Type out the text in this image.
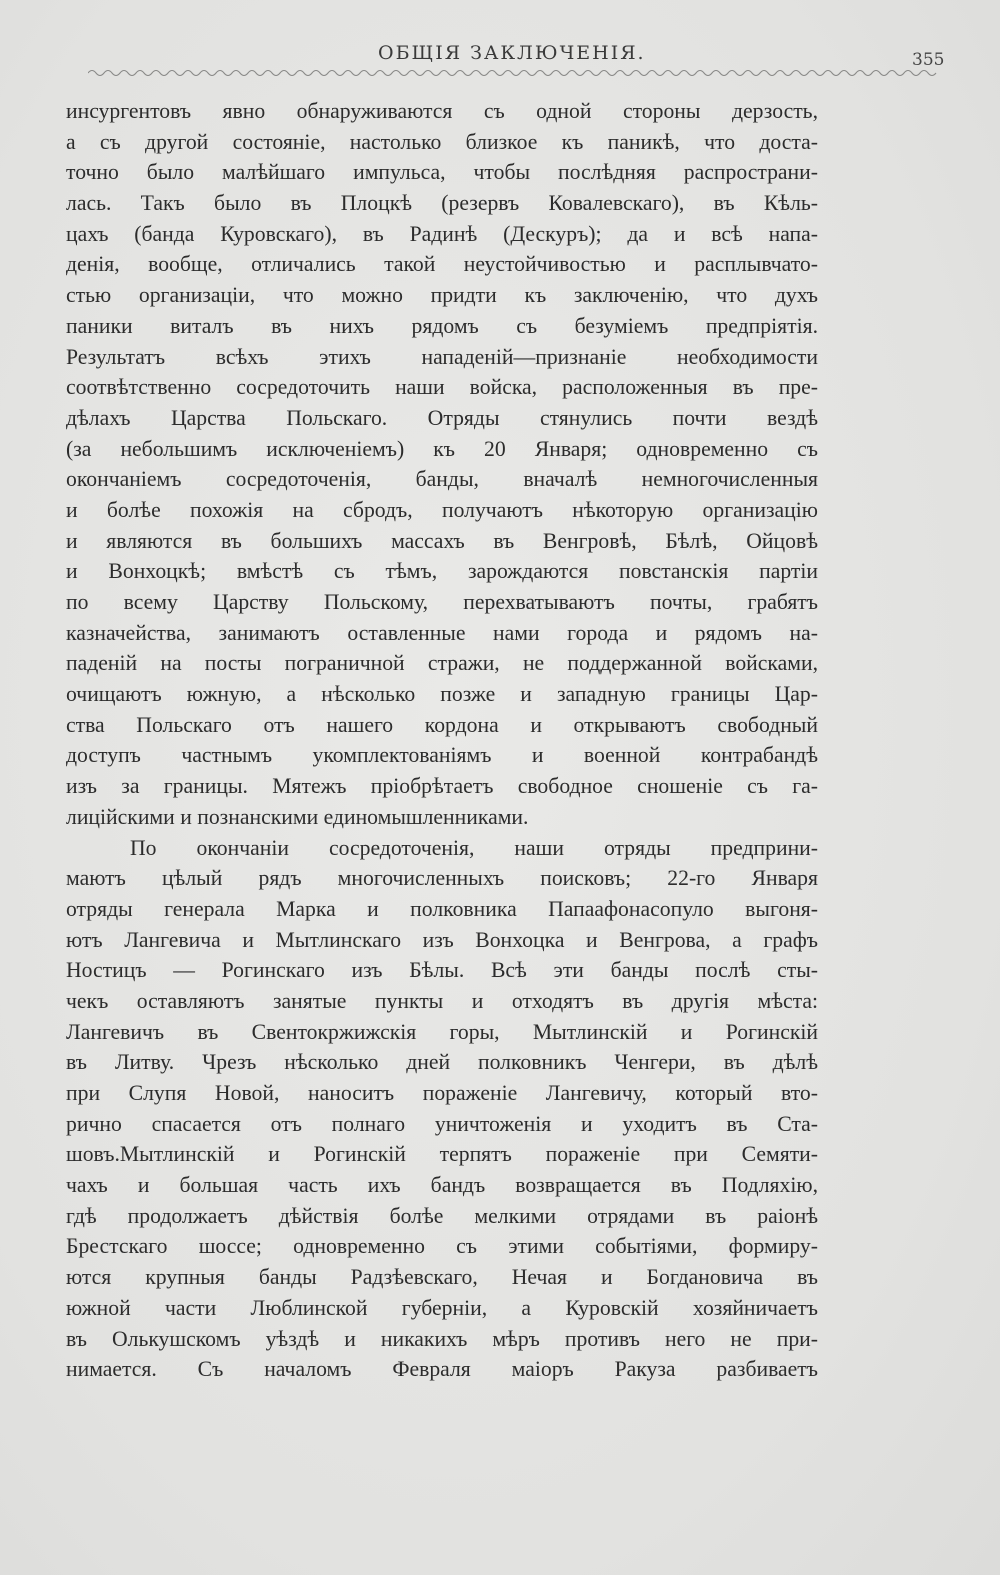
ОБЩІЯ ЗАКЛЮЧЕНІЯ.	355
инсургентовъ явно обнаруживаются съ одной стороны дерзость,
а съ другой состояніе, настолько близкое къ паникѣ, что доста-
точно было малѣйшаго импульса, чтобы послѣдняя распространи-
лась. Такъ было въ Плоцкѣ (резервъ Ковалевскаго), въ Кѣль-
цахъ (банда Куровскаго), въ Радинѣ (Дескуръ); да и всѣ напа-
денія, вообще, отличались такой неустойчивостью и расплывчато-
стью организаціи, что можно придти къ заключенію, что духъ
паники виталъ въ нихъ рядомъ съ безуміемъ предпріятія.
Результатъ всѣхъ этихъ нападеній—признаніе необходимости
соотвѣтственно сосредоточить наши войска, расположенныя въ пре-
дѣлахъ Царства Польскаго. Отряды стянулись почти вездѣ
(за небольшимъ исключеніемъ) къ 20 Января; одновременно съ
окончаніемъ сосредоточенія, банды, вначалѣ немногочисленныя
и болѣе похожія на сбродъ, получаютъ нѣкоторую организацію
и являются въ большихъ массахъ въ Венгровѣ, Бѣлѣ, Ойцовѣ
и Вонхоцкѣ; вмѣстѣ съ тѣмъ, зарождаются повстанскія партіи
по всему Царству Польскому, перехватываютъ почты, грабятъ
казначейства, занимаютъ оставленные нами города и рядомъ на-
паденій на посты пограничной стражи, не поддержанной войсками,
очищаютъ южную, а нѣсколько позже и западную границы Цар-
ства Польскаго отъ нашего кордона и открываютъ свободный
доступъ частнымъ укомплектованіямъ и военной контрабандѣ
изъ за границы. Мятежъ пріобрѣтаетъ свободное сношеніе съ га-
лицiйскими и познанскими единомышленниками.
По окончаніи сосредоточенія, наши отряды предприни-
маютъ цѣлый рядъ многочисленныхъ поисковъ; 22-го Января
отряды генерала Марка и полковника Папаафонасопуло выгоня-
ютъ Лангевича и Мытлинскаго изъ Вонхоцка и Венгрова, а графъ
Ностицъ — Рогинскаго изъ Бѣлы. Всѣ эти банды послѣ сты-
чекъ оставляютъ занятые пункты и отходятъ въ другія мѣста:
Лангевичъ въ Свентокржижскія горы, Мытлинскій и Рогинскій
въ Литву. Чрезъ нѣсколько дней полковникъ Ченгери, въ дѣлѣ
при Слупя Новой, наноситъ пораженіе Лангевичу, который вто-
рично спасается отъ полнаго уничтоженія и уходитъ въ Ста-
шовъ.Мытлинскій и Рогинскій терпятъ пораженіе при Семяти-
чахъ и большая часть ихъ бандъ возвращается въ Подляхію,
гдѣ продолжаетъ дѣйствія болѣе мелкими отрядами въ раіонѣ
Брестскаго шоссе; одновременно съ этими событіями, формиру-
ются крупныя банды Радзѣевскаго, Нечая и Богдановича въ
южной части Люблинской губерніи, а Куровскій хозяйничаетъ
въ Олькушскомъ уѣздѣ и никакихъ мѣръ противъ него не при-
нимается. Съ началомъ Февраля маіоръ Ракуза разбиваетъ
